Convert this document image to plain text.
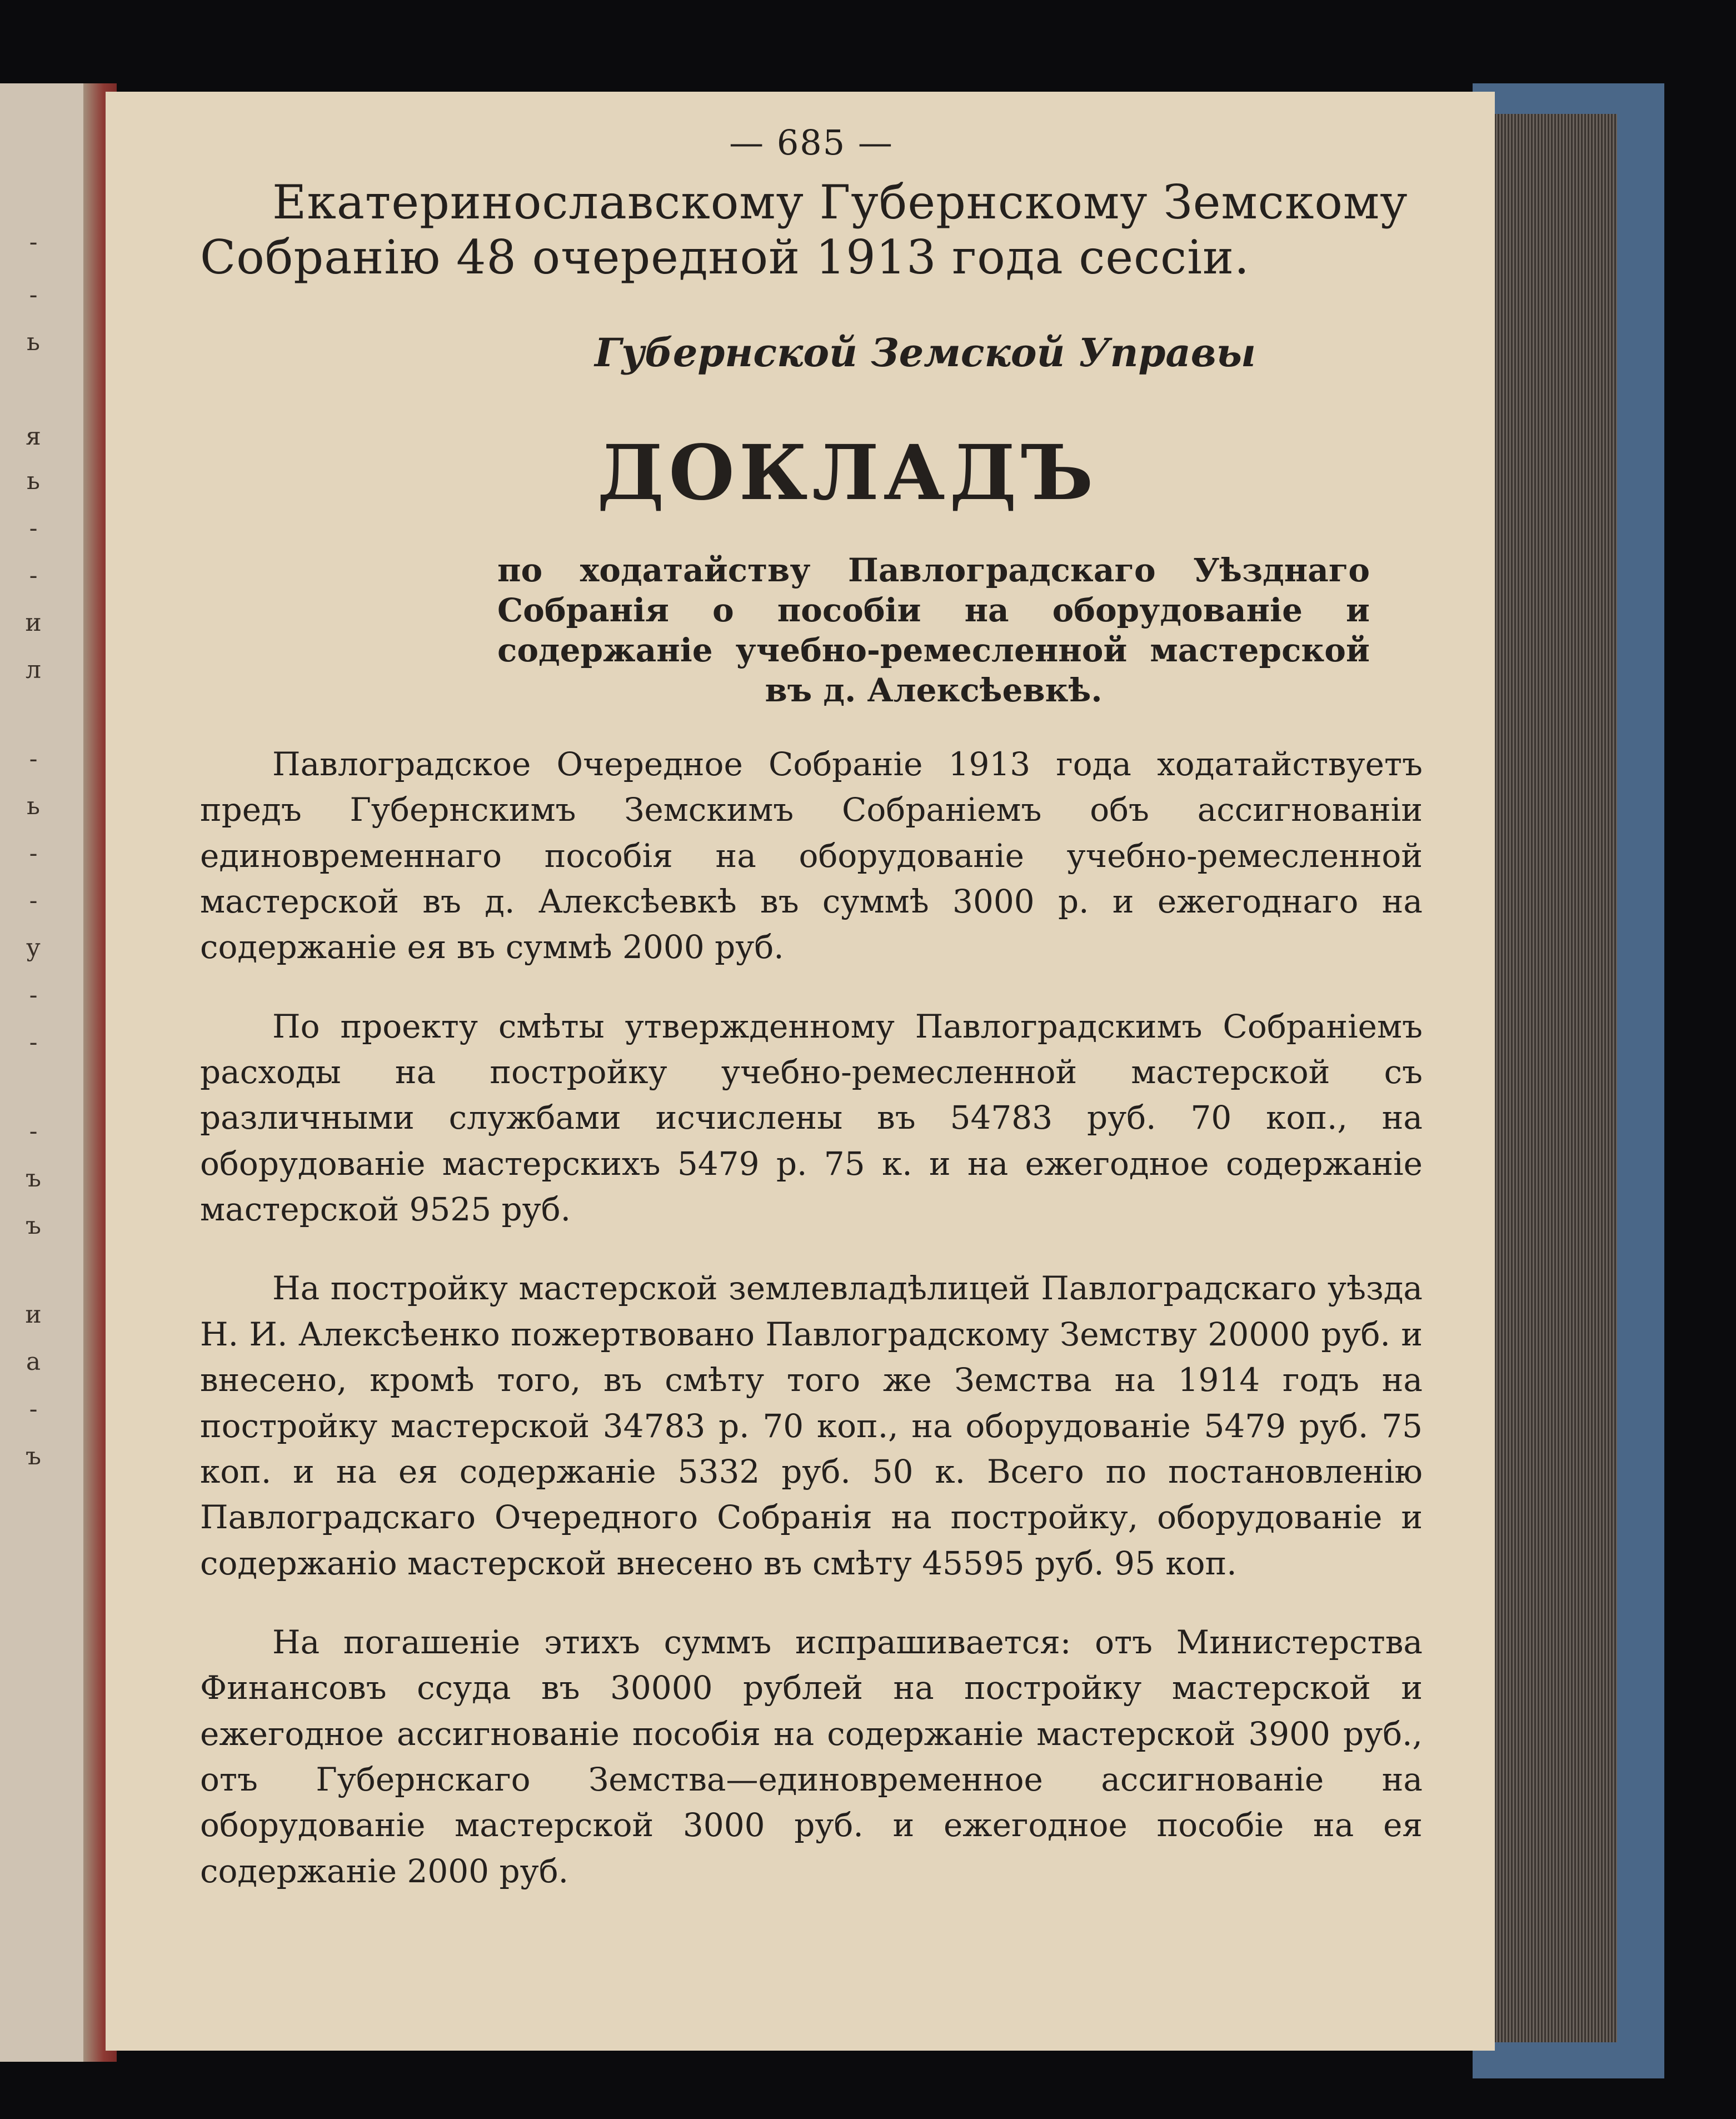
-
-
ь
я
ь
-
-
и
л
-
ь
-
-
у
-
-
-
ъ
ъ
и
а
-
ъ
— 685 —
Екатеринославскому Губернскому Земскому
Собранію 48 очередной 1913 года сессіи.
Губернской Земской Управы
ДОКЛАДЪ
по ходатайству Павлоградскаго Уѣзднаго Собранія о пособіи на оборудованіе и содержаніе учебно-ремесленной мастерской въ д. Алексѣевкѣ.

Павлоградское Очередное Собраніе 1913 года ходатайствуетъ предъ Губернскимъ Земскимъ Собраніемъ объ ассигнованіи единовременнаго пособія на оборудованіе учебно-ремесленной мастерской въ д. Алексѣевкѣ въ суммѣ 3000 р. и ежегоднаго на содержаніе ея въ суммѣ 2000 руб.

По проекту смѣты утвержденному Павлоградскимъ Собраніемъ расходы на постройку учебно-ремесленной мастерской съ различными службами исчислены въ 54783 руб. 70 коп., на оборудованіе мастерскихъ 5479 р. 75 к. и на ежегодное содержаніе мастерской 9525 руб.

На постройку мастерской землевладѣлицей Павлоградскаго уѣзда Н. И. Алексѣенко пожертвовано Павлоградскому Земству 20000 руб. и внесено, кромѣ того, въ смѣту того же Земства на 1914 годъ на постройку мастерской 34783 р. 70 коп., на оборудованіе 5479 руб. 75 коп. и на ея содержаніе 5332 руб. 50 к. Всего по постановленію Павлоградскаго Очередного Собранія на постройку, оборудованіе и содержаніо мастерской внесено въ смѣту 45595 руб. 95 коп.

На погашеніе этихъ суммъ испрашивается: отъ Министерства Финансовъ ссуда въ 30000 рублей на постройку мастерской и ежегодное ассигнованіе пособія на содержаніе мастерской 3900 руб., отъ Губернскаго Земства—единовременное ассигнованіе на оборудованіе мастерской 3000 руб. и ежегодное пособіе на ея содержаніе 2000 руб.
